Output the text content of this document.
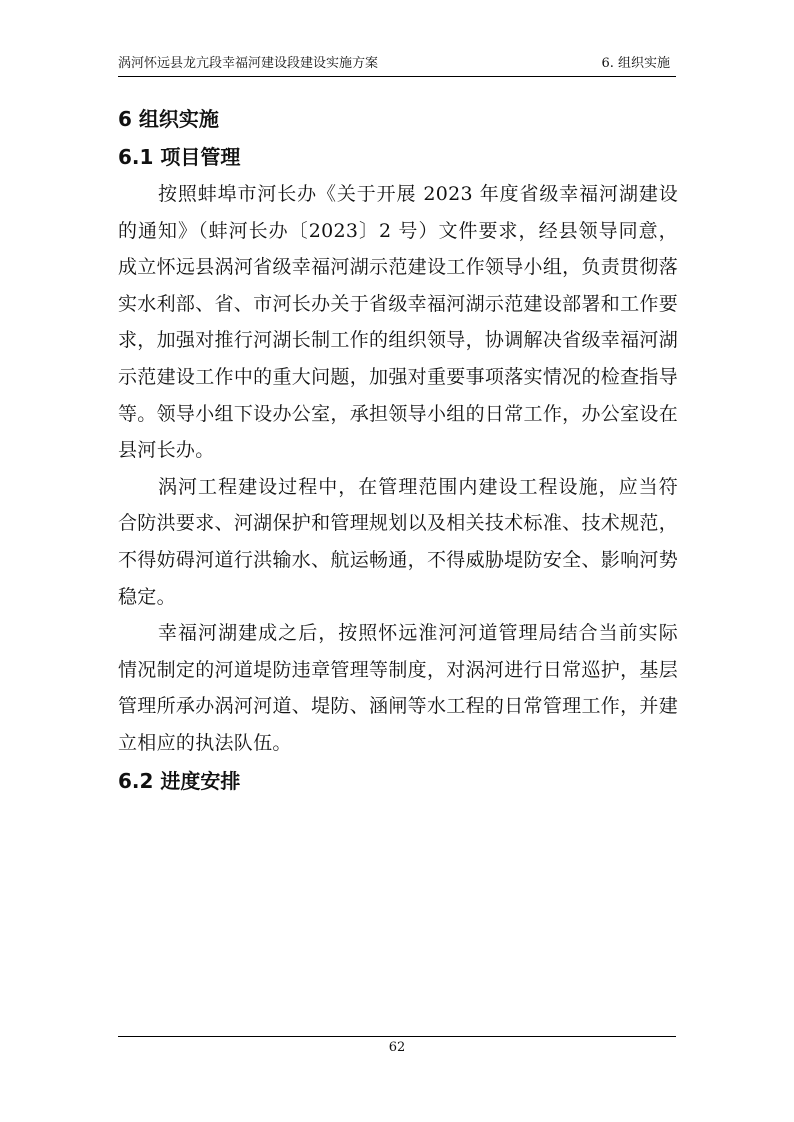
涡河怀远县龙亢段幸福河建设段建设实施方案	6. 组织实施
6 组织实施
6.1 项目管理

按照蚌埠市河长办《关于开展 2023 年度省级幸福河湖建设的通知》（蚌河长办〔2023〕2 号）文件要求，经县领导同意，成立怀远县涡河省级幸福河湖示范建设工作领导小组，负责贯彻落实水利部、省、市河长办关于省级幸福河湖示范建设部署和工作要求，加强对推行河湖长制工作的组织领导，协调解决省级幸福河湖示范建设工作中的重大问题，加强对重要事项落实情况的检查指导等。领导小组下设办公室，承担领导小组的日常工作，办公室设在县河长办。

涡河工程建设过程中，在管理范围内建设工程设施，应当符合防洪要求、河湖保护和管理规划以及相关技术标准、技术规范，不得妨碍河道行洪输水、航运畅通，不得威胁堤防安全、影响河势稳定。

幸福河湖建成之后，按照怀远淮河河道管理局结合当前实际情况制定的河道堤防违章管理等制度，对涡河进行日常巡护，基层管理所承办涡河河道、堤防、涵闸等水工程的日常管理工作，并建立相应的执法队伍。

6.2 进度安排
62
